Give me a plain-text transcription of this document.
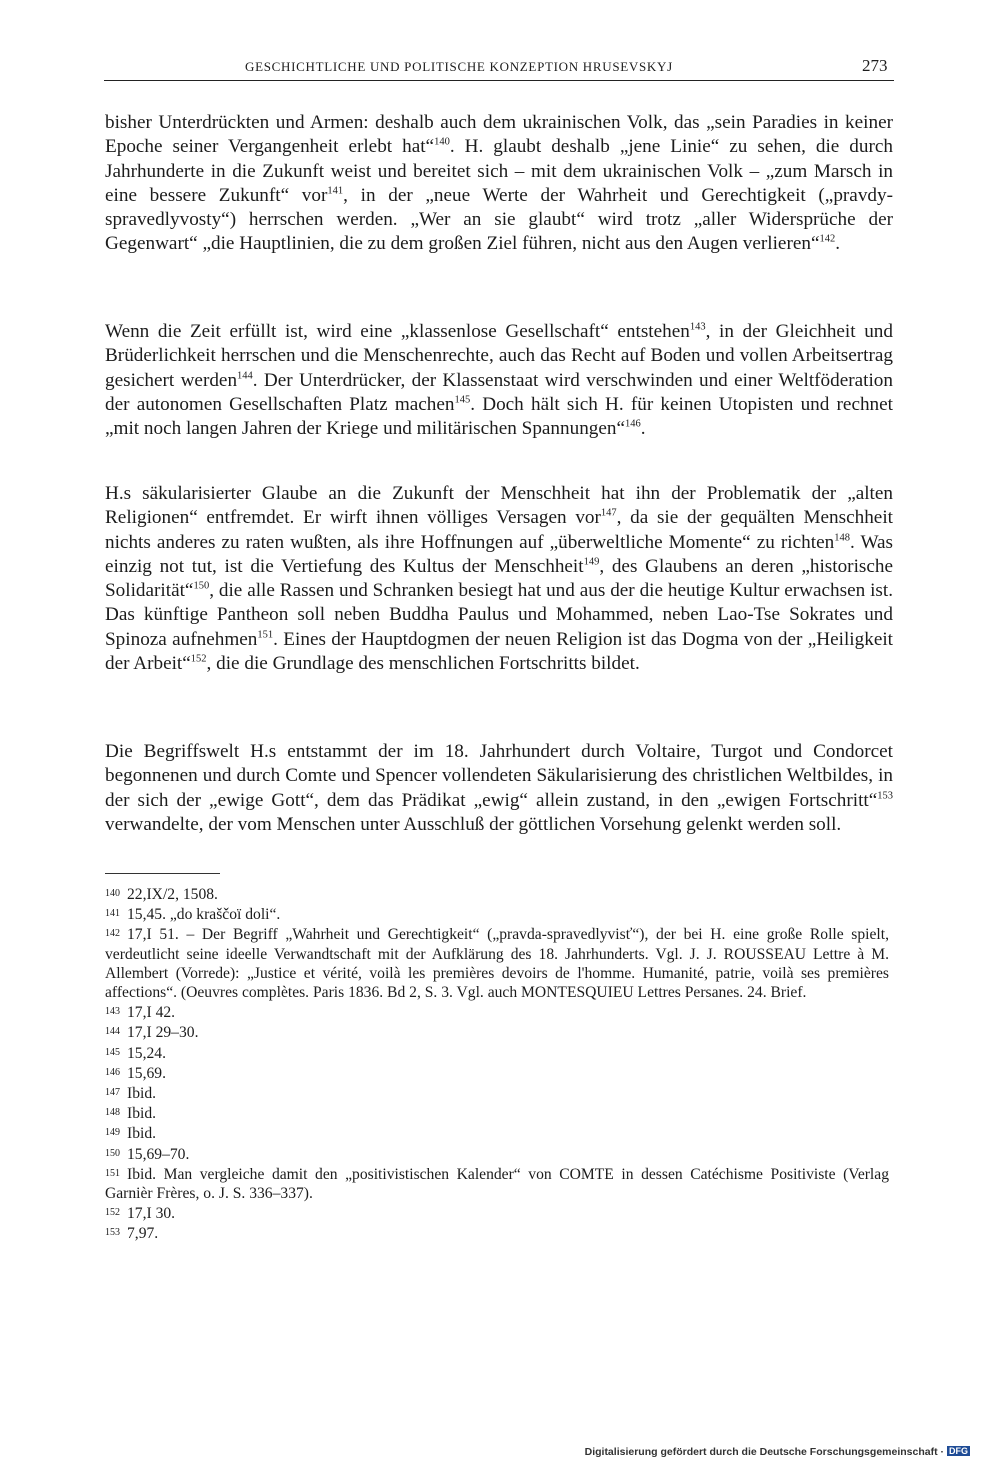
GESCHICHTLICHE UND POLITISCHE KONZEPTION HRUSEVSKYJ	273

bisher Unterdrückten und Armen: deshalb auch dem ukrainischen Volk, das „sein Paradies in keiner Epoche seiner Vergangenheit erlebt hat“$^{140}$. H. glaubt deshalb „jene Linie“ zu sehen, die durch Jahrhunderte in die Zukunft weist und bereitet sich – mit dem ukrainischen Volk – „zum Marsch in eine bessere Zukunft“ vor$^{141}$, in der „neue Werte der Wahrheit und Gerechtigkeit („pravdy-spravedlyvosty“) herrschen werden. „Wer an sie glaubt“ wird trotz „aller Widersprüche der Gegenwart“ „die Hauptlinien, die zu dem großen Ziel führen, nicht aus den Augen verlieren“$^{142}$.

Wenn die Zeit erfüllt ist, wird eine „klassenlose Gesellschaft“ entstehen$^{143}$, in der Gleichheit und Brüderlichkeit herrschen und die Menschenrechte, auch das Recht auf Boden und vollen Arbeitsertrag gesichert werden$^{144}$. Der Unterdrücker, der Klassenstaat wird verschwinden und einer Weltföderation der autonomen Gesellschaften Platz machen$^{145}$. Doch hält sich H. für keinen Utopisten und rechnet „mit noch langen Jahren der Kriege und militärischen Spannungen“$^{146}$.

H.s säkularisierter Glaube an die Zukunft der Menschheit hat ihn der Problematik der „alten Religionen“ entfremdet. Er wirft ihnen völliges Versagen vor$^{147}$, da sie der gequälten Menschheit nichts anderes zu raten wußten, als ihre Hoffnungen auf „überweltliche Momente“ zu richten$^{148}$. Was einzig not tut, ist die Vertiefung des Kultus der Menschheit$^{149}$, des Glaubens an deren „historische Solidarität“$^{150}$, die alle Rassen und Schranken besiegt hat und aus der die heutige Kultur erwachsen ist. Das künftige Pantheon soll neben Buddha Paulus und Mohammed, neben Lao-Tse Sokrates und Spinoza aufnehmen$^{151}$. Eines der Hauptdogmen der neuen Religion ist das Dogma von der „Heiligkeit der Arbeit“$^{152}$, die die Grundlage des menschlichen Fortschritts bildet.

Die Begriffswelt H.s entstammt der im 18. Jahrhundert durch Voltaire, Turgot und Condorcet begonnenen und durch Comte und Spencer vollendeten Säkularisierung des christlichen Weltbildes, in der sich der „ewige Gott“, dem das Prädikat „ewig“ allein zustand, in den „ewigen Fortschritt“$^{153}$ verwandelte, der vom Menschen unter Ausschluß der göttlichen Vorsehung gelenkt werden soll.

140 22,IX/2, 1508.
141 15,45. „do kraščoï doli“.
142 17,I 51. – Der Begriff „Wahrheit und Gerechtigkeit“ („pravda-spravedlyvisť“), der bei H. eine große Rolle spielt, verdeutlicht seine ideelle Verwandtschaft mit der Aufklärung des 18. Jahrhunderts. Vgl. J. J. ROUSSEAU Lettre à M. Allembert (Vorrede): „Justice et vérité, voilà les premières devoirs de l'homme. Humanité, patrie, voilà ses premières affections“. (Oeuvres complètes. Paris 1836. Bd 2, S. 3. Vgl. auch MONTESQUIEU Lettres Persanes. 24. Brief.
143 17,I 42.
144 17,I 29–30.
145 15,24.
146 15,69.
147 Ibid.
148 Ibid.
149 Ibid.
150 15,69–70.
151 Ibid. Man vergleiche damit den „positivistischen Kalender“ von COMTE in dessen Catéchisme Positiviste (Verlag Garnièr Frères, o. J. S. 336–337).
152 17,I 30.
153 7,97.
Digitalisierung gefördert durch die Deutsche Forschungsgemeinschaft · DFG
